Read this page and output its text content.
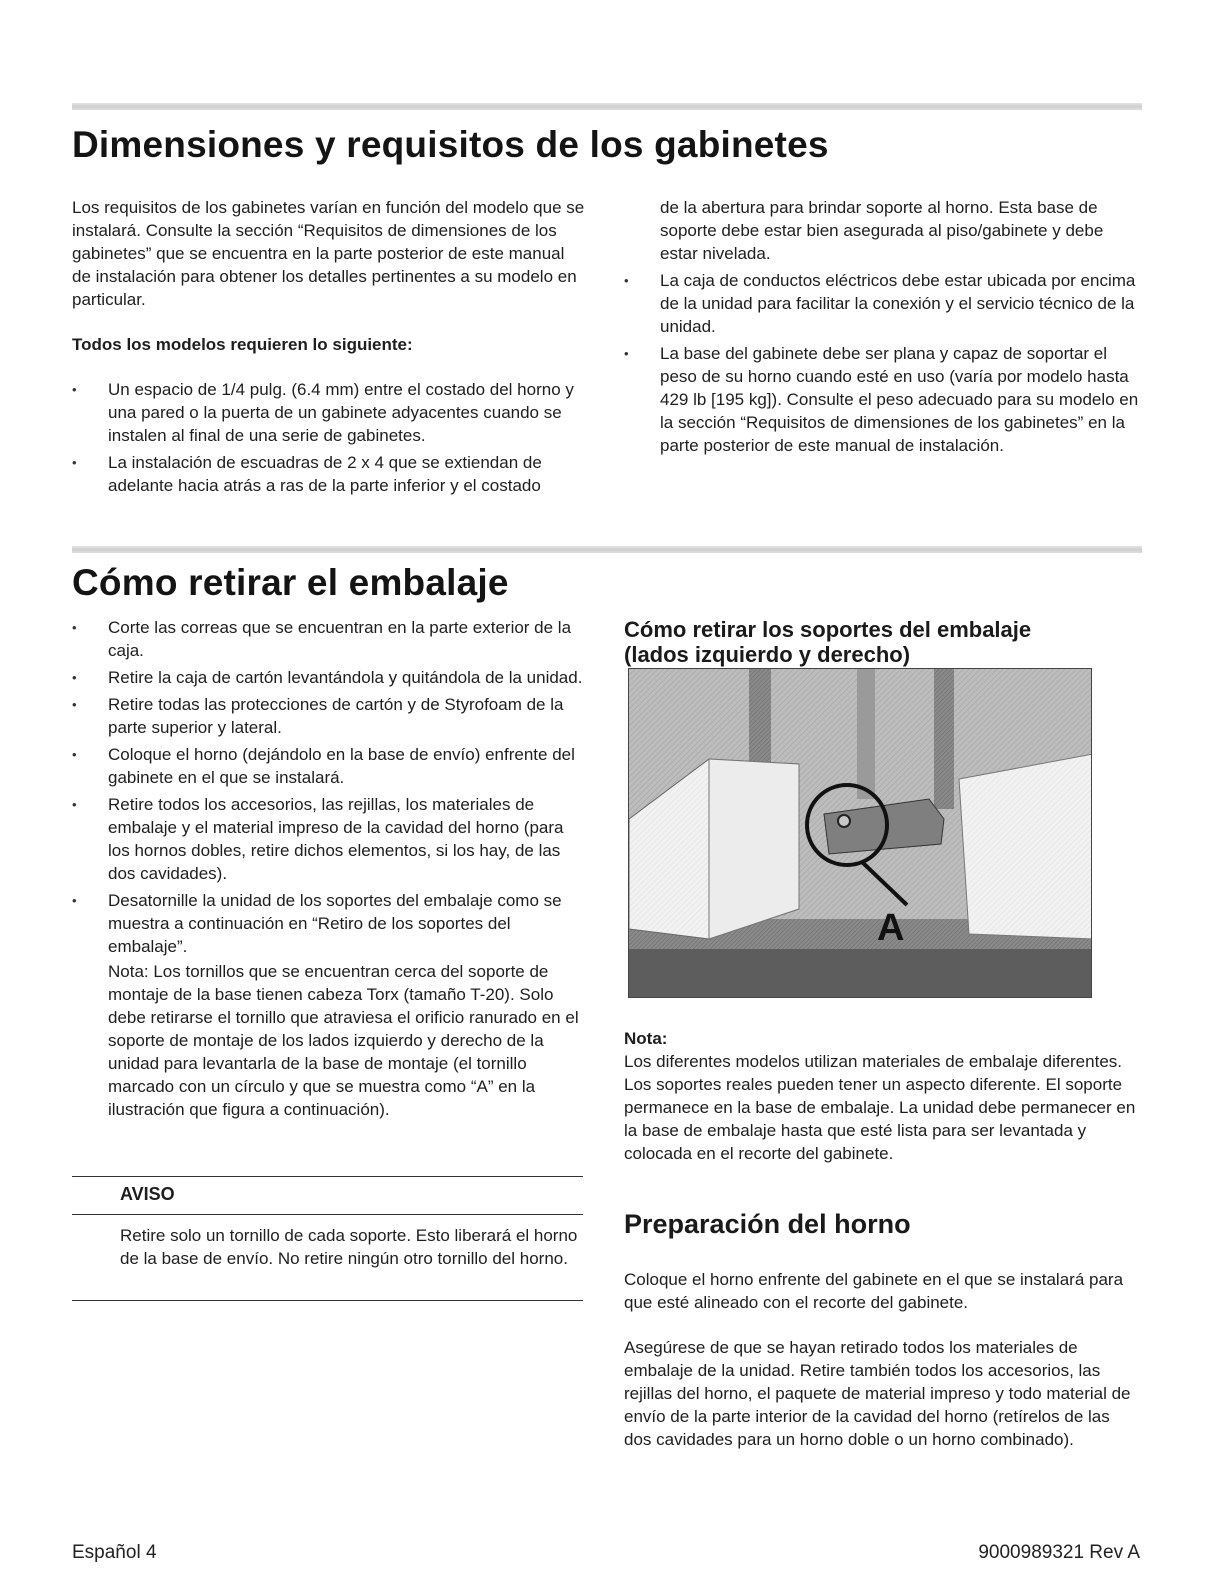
Dimensiones y requisitos de los gabinetes

Los requisitos de los gabinetes varían en función del modelo que se instalará. Consulte la sección “Requisitos de dimensiones de los gabinetes” que se encuentra en la parte posterior de este manual de instalación para obtener los detalles pertinentes a su modelo en particular.

Todos los modelos requieren lo siguiente:
• Un espacio de 1/4 pulg. (6.4 mm) entre el costado del horno y una pared o la puerta de un gabinete adyacentes cuando se instalen al final de una serie de gabinetes.
• La instalación de escuadras de 2 x 4 que se extiendan de adelante hacia atrás a ras de la parte inferior y el costado

de la abertura para brindar soporte al horno. Esta base de soporte debe estar bien asegurada al piso/gabinete y debe estar nivelada.

• La caja de conductos eléctricos debe estar ubicada por encima de la unidad para facilitar la conexión y el servicio técnico de la unidad.
• La base del gabinete debe ser plana y capaz de soportar el peso de su horno cuando esté en uso (varía por modelo hasta 429 lb [195 kg]). Consulte el peso adecuado para su modelo en la sección “Requisitos de dimensiones de los gabinetes” en la parte posterior de este manual de instalación.
Cómo retirar el embalaje
• Corte las correas que se encuentran en la parte exterior de la caja.
• Retire la caja de cartón levantándola y quitándola de la unidad.
• Retire todas las protecciones de cartón y de Styrofoam de la parte superior y lateral.
• Coloque el horno (dejándolo en la base de envío) enfrente del gabinete en el que se instalará.
• Retire todos los accesorios, las rejillas, los materiales de embalaje y el material impreso de la cavidad del horno (para los hornos dobles, retire dichos elementos, si los hay, de las dos cavidades).
• Desatornille la unidad de los soportes del embalaje como se muestra a continuación en “Retiro de los soportes del embalaje”.

Nota: Los tornillos que se encuentran cerca del soporte de montaje de la base tienen cabeza Torx (tamaño T-20). Solo debe retirarse el tornillo que atraviesa el orificio ranurado en el soporte de montaje de los lados izquierdo y derecho de la unidad para levantarla de la base de montaje (el tornillo marcado con un círculo y que se muestra como “A” en la ilustración que figura a continuación).

AVISO
Retire solo un tornillo de cada soporte. Esto liberará el horno de la base de envío. No retire ningún otro tornillo del horno.
Cómo retirar los soportes del embalaje (lados izquierdo y derecho)
A
Nota:

Los diferentes modelos utilizan materiales de embalaje diferentes. Los soportes reales pueden tener un aspecto diferente. El soporte permanece en la base de embalaje. La unidad debe permanecer en la base de embalaje hasta que esté lista para ser levantada y colocada en el recorte del gabinete.

Preparación del horno

Coloque el horno enfrente del gabinete en el que se instalará para que esté alineado con el recorte del gabinete.

Asegúrese de que se hayan retirado todos los materiales de embalaje de la unidad. Retire también todos los accesorios, las rejillas del horno, el paquete de material impreso y todo material de envío de la parte interior de la cavidad del horno (retírelos de las dos cavidades para un horno doble o un horno combinado).

Español 4	9000989321 Rev A
